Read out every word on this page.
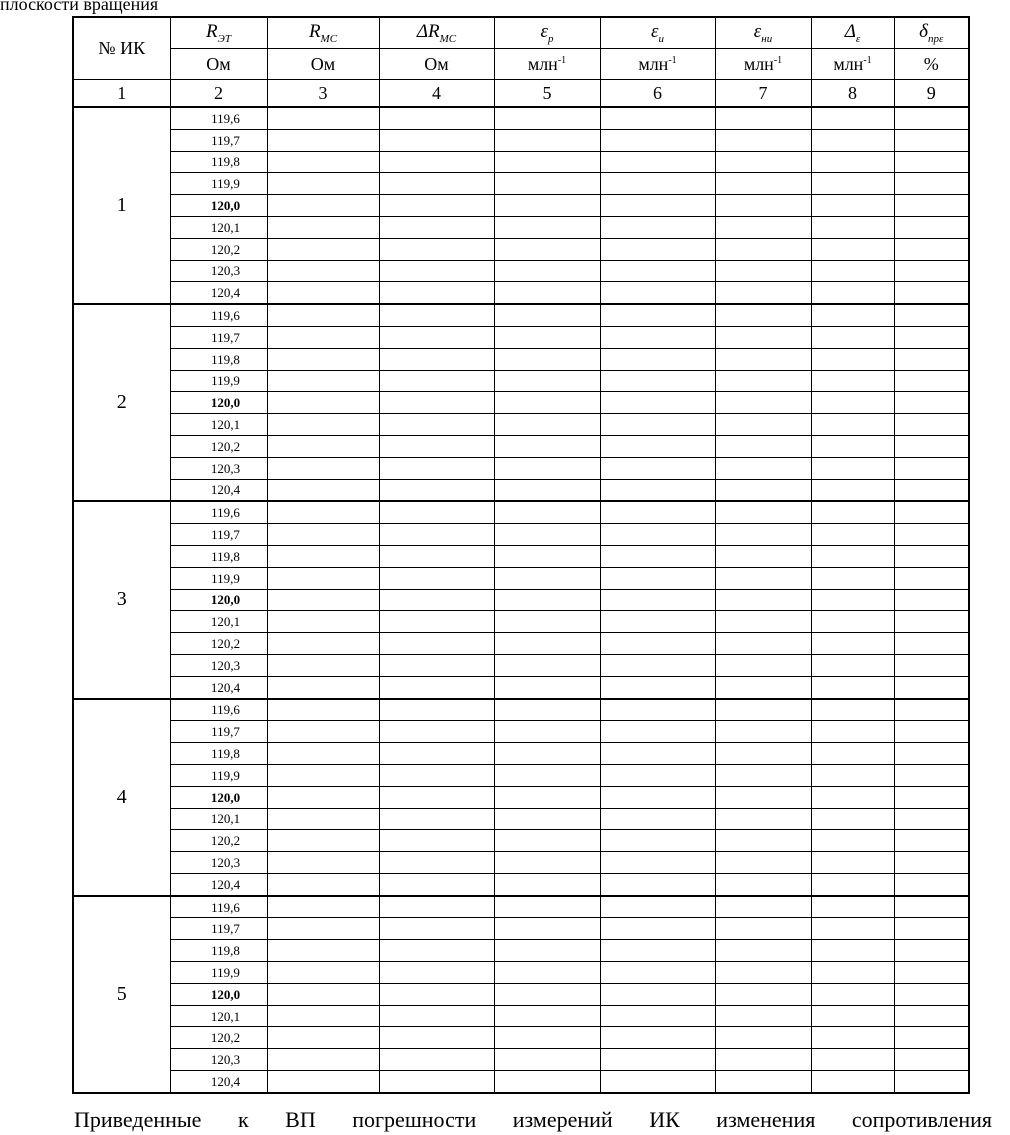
плоскости вращения
№ ИК	$R_{ЭТ}$	$R_{MC}$	$\Delta R_{MC}$	$\varepsilon_р$	$\varepsilon_и$	$\varepsilon_{ни}$	$\Delta_\varepsilon$	$\delta_{пр\varepsilon}$
	Ом	Ом	Ом	млн$^{-1}$	млн$^{-1}$	млн$^{-1}$	млн$^{-1}$	%
1	2	3	4	5	6	7	8	9
1	119,6							
	119,7							
	119,8							
	119,9							
	120,0							
	120,1							
	120,2							
	120,3							
	120,4							
2	119,6							
	119,7							
	119,8							
	119,9							
	120,0							
	120,1							
	120,2							
	120,3							
	120,4							
3	119,6							
	119,7							
	119,8							
	119,9							
	120,0							
	120,1							
	120,2							
	120,3							
	120,4							
4	119,6							
	119,7							
	119,8							
	119,9							
	120,0							
	120,1							
	120,2							
	120,3							
	120,4							
5	119,6							
	119,7							
	119,8							
	119,9							
	120,0							
	120,1							
	120,2							
	120,3							
	120,4							
Приведенные к ВП погрешности измерений ИК изменения сопротивления
